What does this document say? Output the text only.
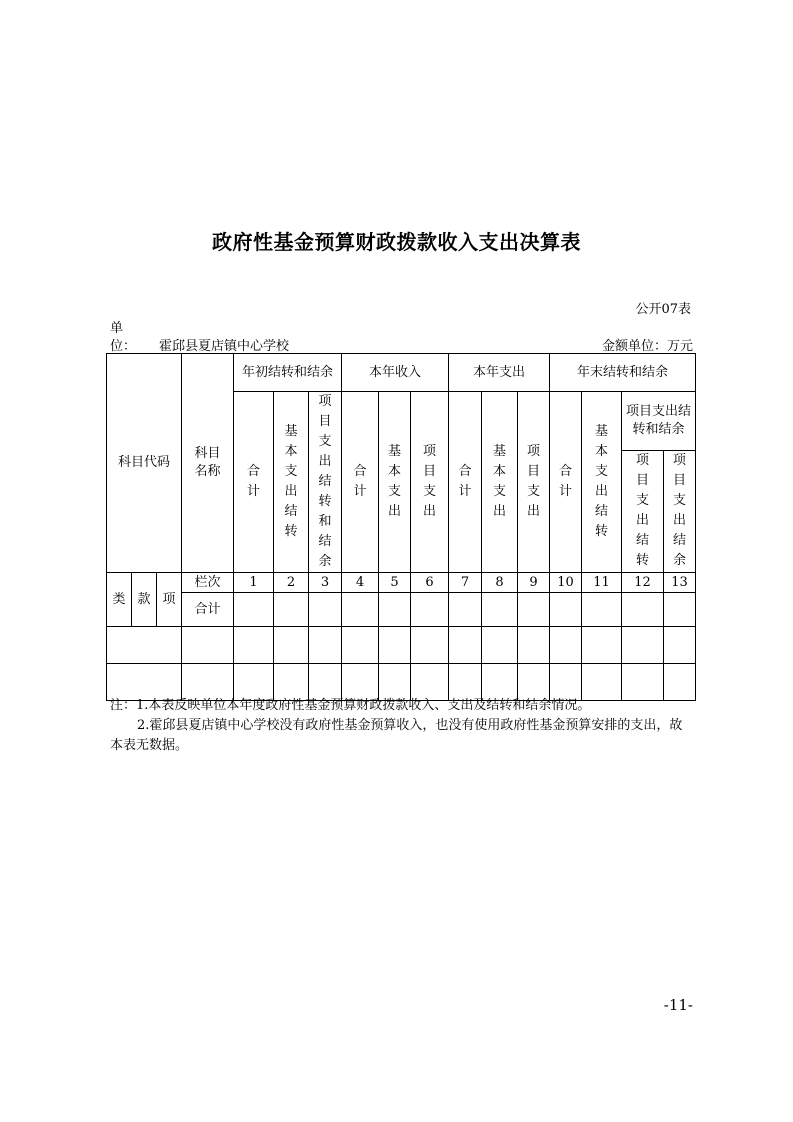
政府性基金预算财政拨款收入支出决算表
公开07表
单
位： 霍邱县夏店镇中心学校	金额单位：万元
科目代码			科目名称	年初结转和结余			本年收入			本年支出			年末结转和结余			
				合计	基本支出结转	项目支出结转和结余	合计	基本支出	项目支出	合计	基本支出	项目支出	合计	基本支出结转	项目支出结转和结余	

															项目支出结转	项目支出结余
类	款	项	栏次	1	2	3	4	5	6	7	8	9	10	11	12	13
			合计													

注：1.本表反映单位本年度政府性基金预算财政拨款收入、支出及结转和结余情况。

2.霍邱县夏店镇中心学校没有政府性基金预算收入，也没有使用政府性基金预算安排的支出，故本表无数据。

-11-
